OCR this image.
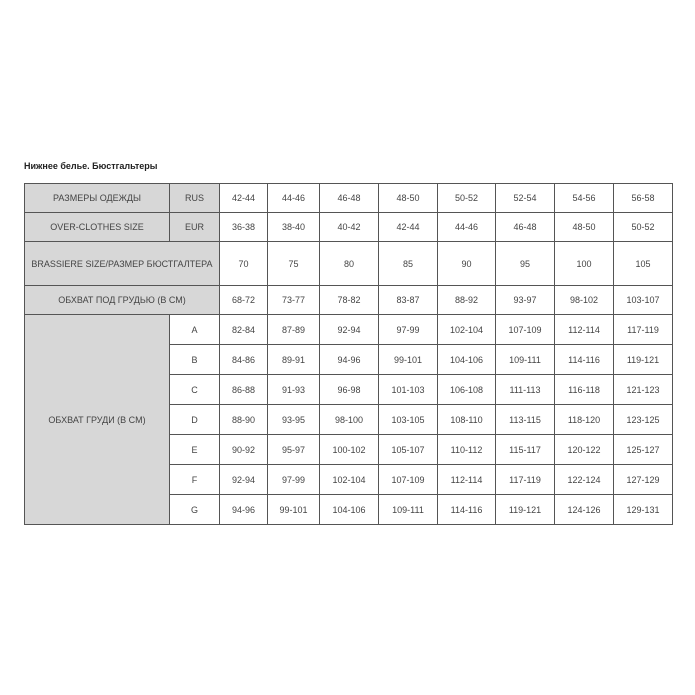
Нижнее белье. Бюстгальтеры
РАЗМЕРЫ ОДЕЖДЫ	RUS	42-44	44-46	46-48	48-50	50-52	52-54	54-56	56-58
OVER-CLOTHES SIZE	EUR	36-38	38-40	40-42	42-44	44-46	46-48	48-50	50-52
BRASSIERE SIZE/РАЗМЕР БЮСТГАЛТЕРА		70	75	80	85	90	95	100	105
ОБХВАТ ПОД ГРУДЬЮ (В СМ)		68-72	73-77	78-82	83-87	88-92	93-97	98-102	103-107
ОБХВАТ ГРУДИ (В СМ)	A	82-84	87-89	92-94	97-99	102-104	107-109	112-114	117-119
	B	84-86	89-91	94-96	99-101	104-106	109-111	114-116	119-121
	C	86-88	91-93	96-98	101-103	106-108	111-113	116-118	121-123
	D	88-90	93-95	98-100	103-105	108-110	113-115	118-120	123-125
	E	90-92	95-97	100-102	105-107	110-112	115-117	120-122	125-127
	F	92-94	97-99	102-104	107-109	112-114	117-119	122-124	127-129
	G	94-96	99-101	104-106	109-111	114-116	119-121	124-126	129-131
